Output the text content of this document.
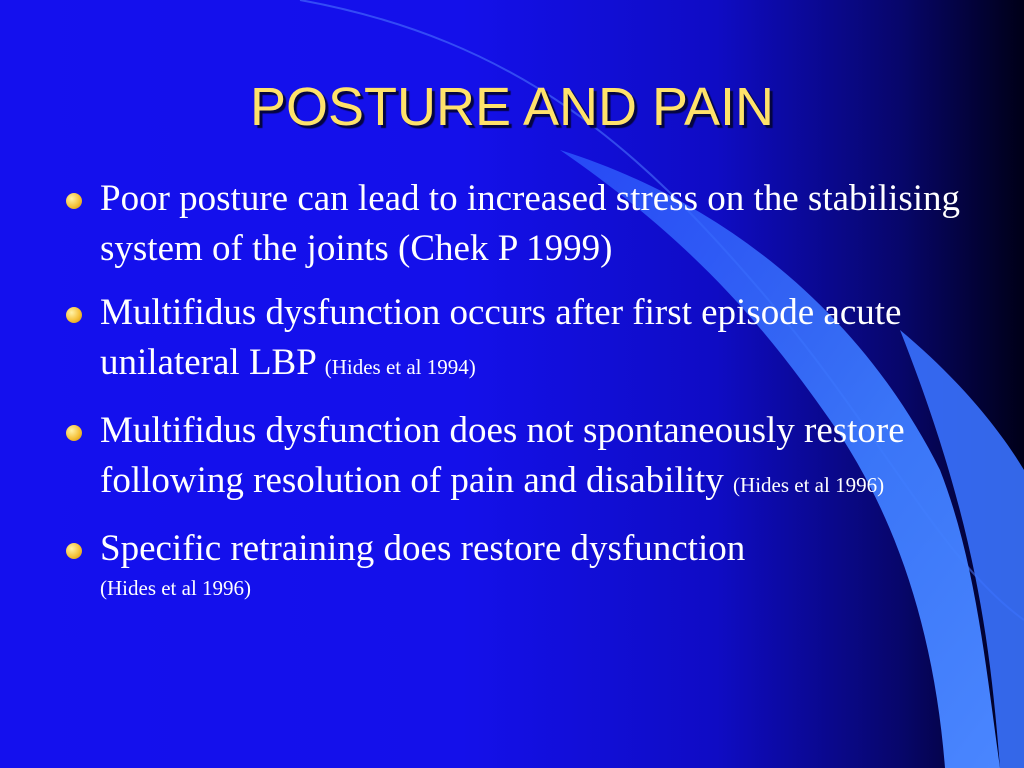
POSTURE AND PAIN
Poor posture can lead to increased stress on the stabilising system of the joints (Chek P 1999)
Multifidus dysfunction occurs after first episode acute unilateral LBP (Hides et al 1994)
Multifidus dysfunction does not spontaneously restore following resolution of pain and disability (Hides et al 1996)
Specific retraining does restore dysfunction
(Hides et al 1996)
